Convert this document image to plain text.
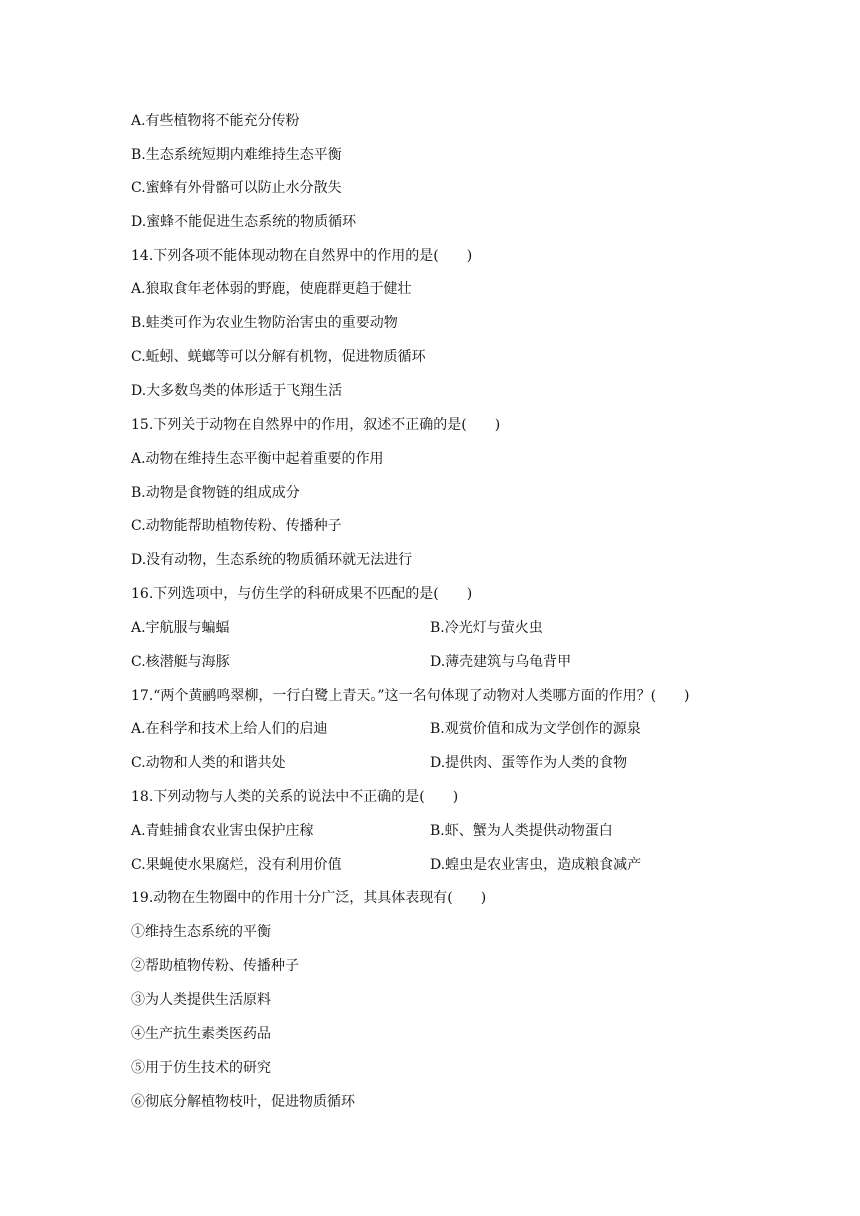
A.有些植物将不能充分传粉
B.生态系统短期内难维持生态平衡
C.蜜蜂有外骨骼可以防止水分散失
D.蜜蜂不能促进生态系统的物质循环
14.下列各项不能体现动物在自然界中的作用的是(　　)
A.狼取食年老体弱的野鹿，使鹿群更趋于健壮
B.蛙类可作为农业生物防治害虫的重要动物
C.蚯蚓、蜣螂等可以分解有机物，促进物质循环
D.大多数鸟类的体形适于飞翔生活
15.下列关于动物在自然界中的作用，叙述不正确的是(　　)
A.动物在维持生态平衡中起着重要的作用
B.动物是食物链的组成成分
C.动物能帮助植物传粉、传播种子
D.没有动物，生态系统的物质循环就无法进行
16.下列选项中，与仿生学的科研成果不匹配的是(　　)
A.宇航服与蝙蝠	B.冷光灯与萤火虫
C.核潜艇与海豚	D.薄壳建筑与乌龟背甲
17.“两个黄鹂鸣翠柳，一行白鹭上青天。”这一名句体现了动物对人类哪方面的作用？(　　)
A.在科学和技术上给人们的启迪	B.观赏价值和成为文学创作的源泉
C.动物和人类的和谐共处	D.提供肉、蛋等作为人类的食物
18.下列动物与人类的关系的说法中不正确的是(　　)
A.青蛙捕食农业害虫保护庄稼	B.虾、蟹为人类提供动物蛋白
C.果蝇使水果腐烂，没有利用价值	D.蝗虫是农业害虫，造成粮食减产
19.动物在生物圈中的作用十分广泛，其具体表现有(　　)
①维持生态系统的平衡
②帮助植物传粉、传播种子
③为人类提供生活原料
④生产抗生素类医药品
⑤用于仿生技术的研究
⑥彻底分解植物枝叶，促进物质循环
